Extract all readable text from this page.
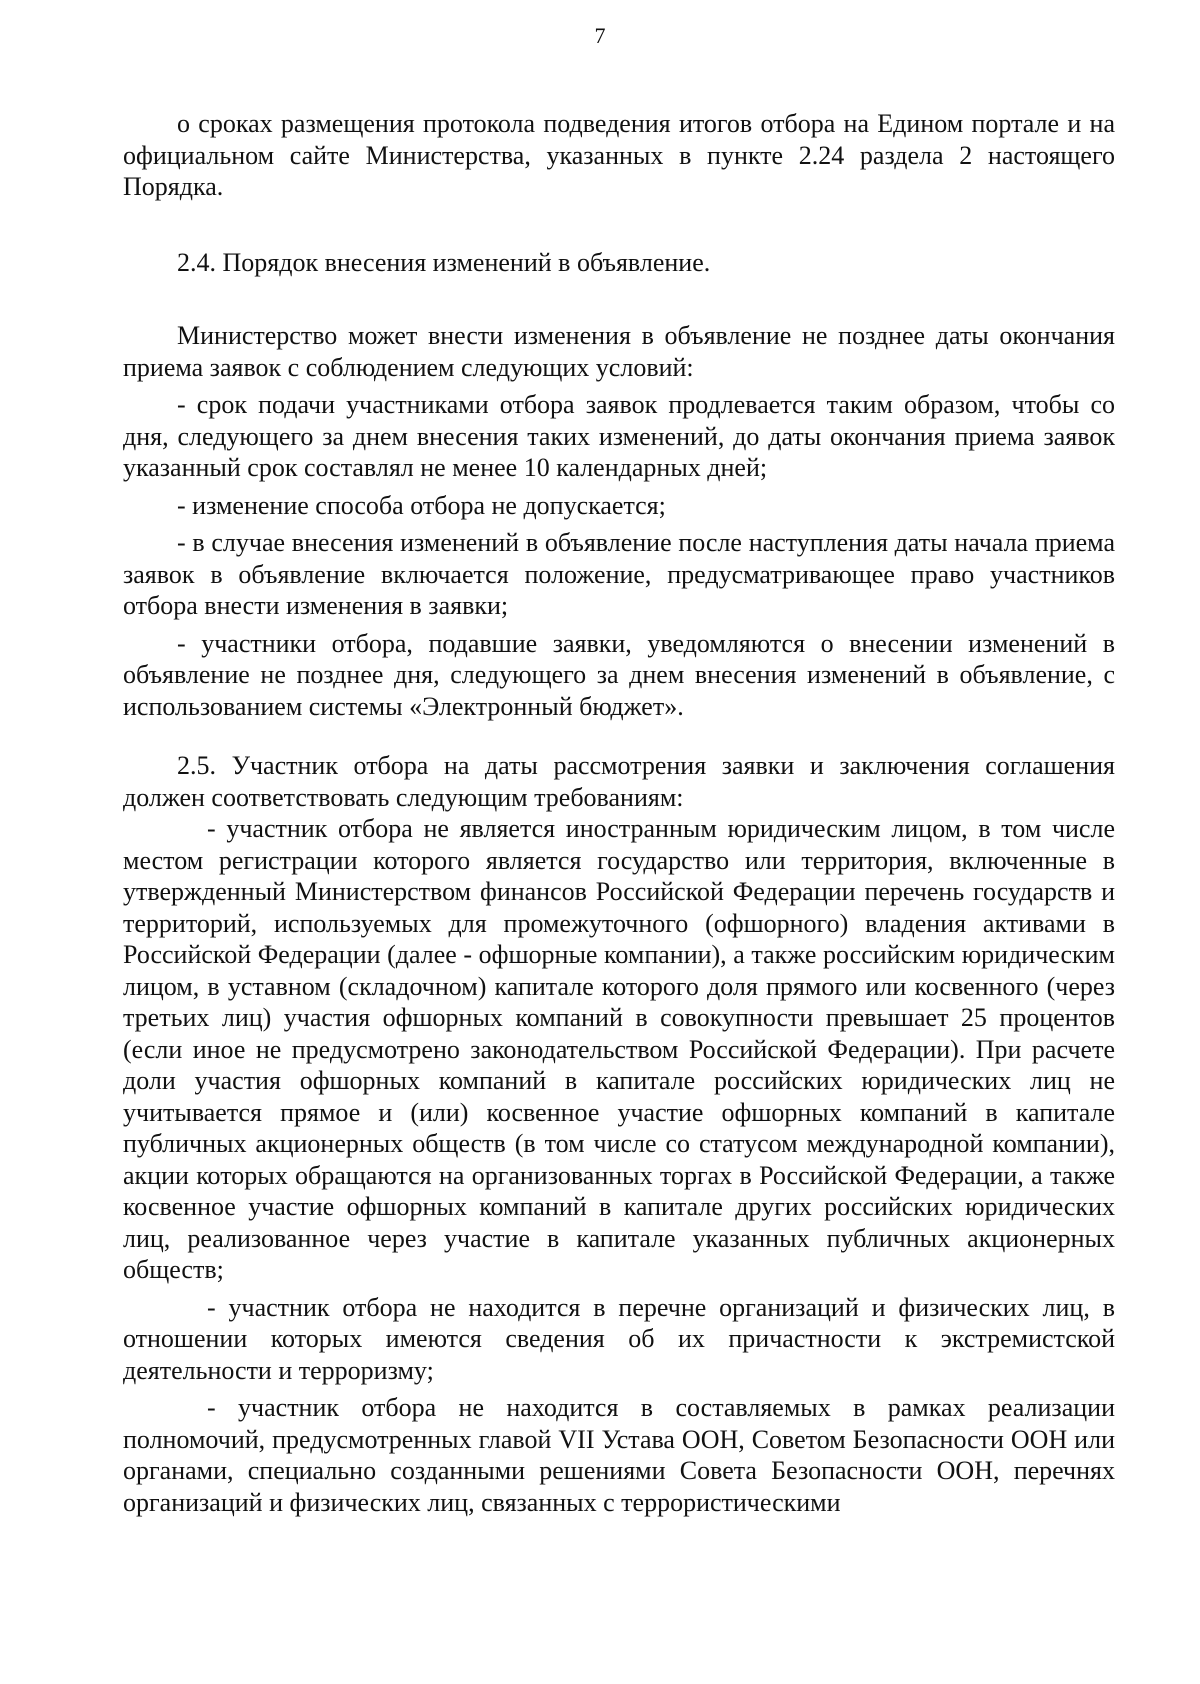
7

о сроках размещения протокола подведения итогов отбора на Едином портале и на официальном сайте Министерства, указанных в пункте 2.24 раздела 2 настоящего Порядка.

2.4. Порядок внесения изменений в объявление.

Министерство может внести изменения в объявление не позднее даты окончания приема заявок с соблюдением следующих условий:

- срок подачи участниками отбора заявок продлевается таким образом, чтобы со дня, следующего за днем внесения таких изменений, до даты окончания приема заявок указанный срок составлял не менее 10 календарных дней;

- изменение способа отбора не допускается;

- в случае внесения изменений в объявление после наступления даты начала приема заявок в объявление включается положение, предусматривающее право участников отбора внести изменения в заявки;

- участники отбора, подавшие заявки, уведомляются о внесении изменений в объявление не позднее дня, следующего за днем внесения изменений в объявление, с использованием системы «Электронный бюджет».

2.5. Участник отбора на даты рассмотрения заявки и заключения соглашения должен соответствовать следующим требованиям:

- участник отбора не является иностранным юридическим лицом, в том числе местом регистрации которого является государство или территория, включенные в утвержденный Министерством финансов Российской Федерации перечень государств и территорий, используемых для промежуточного (офшорного) владения активами в Российской Федерации (далее - офшорные компании), а также российским юридическим лицом, в уставном (складочном) капитале которого доля прямого или косвенного (через третьих лиц) участия офшорных компаний в совокупности превышает 25 процентов (если иное не предусмотрено законодательством Российской Федерации). При расчете доли участия офшорных компаний в капитале российских юридических лиц не учитывается прямое и (или) косвенное участие офшорных компаний в капитале публичных акционерных обществ (в том числе со статусом международной компании), акции которых обращаются на организованных торгах в Российской Федерации, а также косвенное участие офшорных компаний в капитале других российских юридических лиц, реализованное через участие в капитале указанных публичных акционерных обществ;

- участник отбора не находится в перечне организаций и физических лиц, в отношении которых имеются сведения об их причастности к экстремистской деятельности и терроризму;

- участник отбора не находится в составляемых в рамках реализации полномочий, предусмотренных главой VII Устава ООН, Советом Безопасности ООН или органами, специально созданными решениями Совета Безопасности ООН, перечнях организаций и физических лиц, связанных с террористическими
